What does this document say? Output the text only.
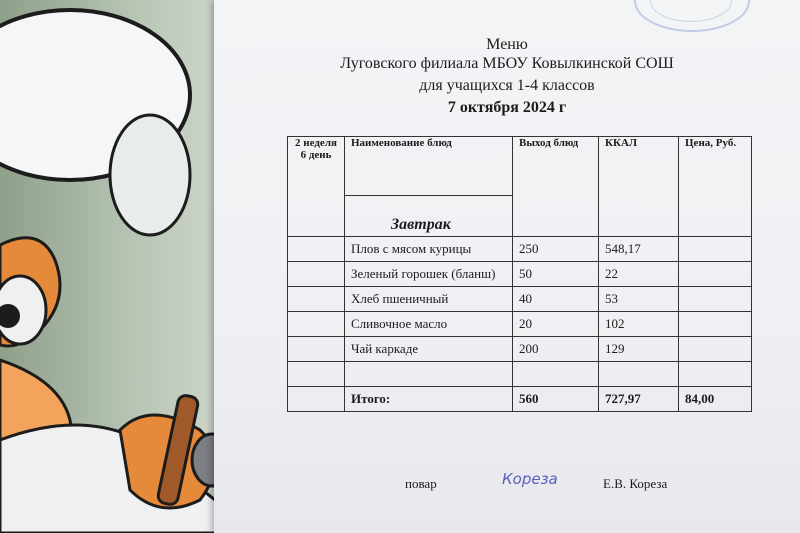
Меню
Луговского филиала МБОУ Ковылкинской СОШ
для учащихся 1-4 классов
7 октября 2024 г
2 неделя
6 день	Наименование блюд	Выход блюд	ККАЛ	Цена, Руб.

	Завтрак			

	Плов с мясом курицы	250	548,17	
	Зеленый горошек (бланш)	50	22	
	Хлеб пшеничный	40	53	
	Сливочное масло	20	102	
	Чай каркаде	200	129	

	Итого:	560	727,97	84,00
повар	Кореза	Е.В. Кореза
